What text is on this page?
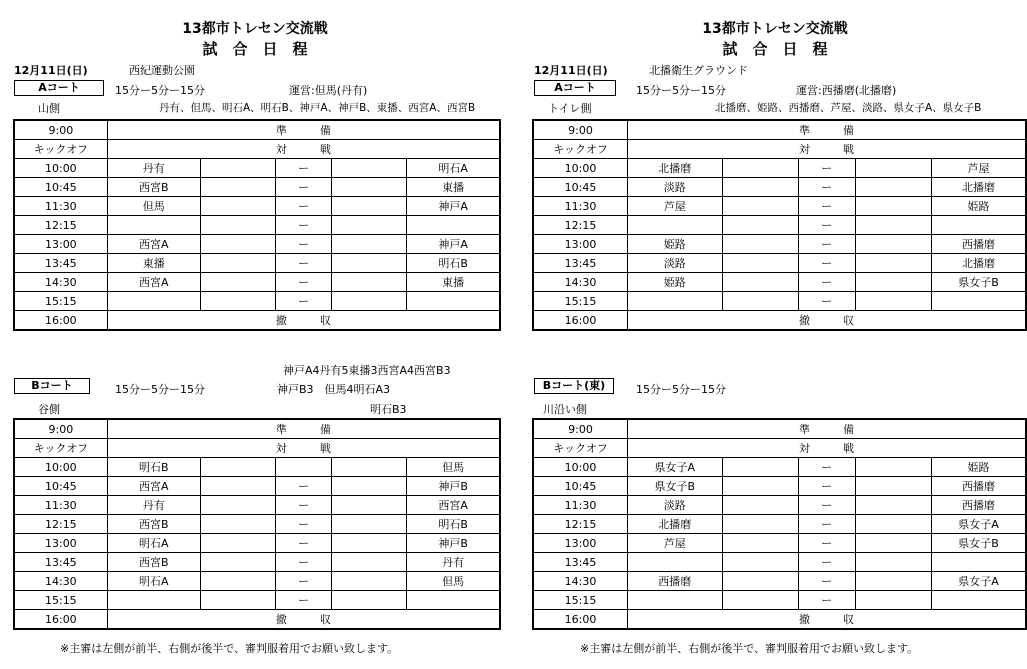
13都市トレセン交流戦
試　合　日　程
12月11日(日)	西紀運動公園
Aコート	15分ー5分ー15分	運営:但馬(丹有)
山側	丹有、但馬、明石A、明石B、神戸A、神戸B、東播、西宮A、西宮B
9:00	準　　　備				
キックオフ	対　　　戦				
10:00	丹有		ー		明石A
10:45	西宮B		ー		東播
11:30	但馬		ー		神戸A
12:15			ー		
13:00	西宮A		ー		神戸A
13:45	東播		ー		明石B
14:30	西宮A		ー		東播
15:15			ー		
16:00	撤　　　収				
神戸A4丹有5東播3西宮A4西宮B3
Bコート	15分ー5分ー15分	神戸B3　但馬4明石A3
谷側	明石B3
9:00	準　　　備				
キックオフ	対　　　戦				
10:00	明石B				但馬
10:45	西宮A		ー		神戸B
11:30	丹有		ー		西宮A
12:15	西宮B		ー		明石B
13:00	明石A		ー		神戸B
13:45	西宮B		ー		丹有
14:30	明石A		ー		但馬
15:15			ー		
16:00	撤　　　収				
※主審は左側が前半、右側が後半で、審判服着用でお願い致します。
13都市トレセン交流戦
試　合　日　程
12月11日(日)	北播衛生グラウンド
Aコート	15分ー5分ー15分	運営:西播磨(北播磨)
トイレ側	北播磨、姫路、西播磨、芦屋、淡路、県女子A、県女子B
9:00	準　　　備				
キックオフ	対　　　戦				
10:00	北播磨		ー		芦屋
10:45	淡路		ー		北播磨
11:30	芦屋		ー		姫路
12:15			ー		
13:00	姫路		ー		西播磨
13:45	淡路		ー		北播磨
14:30	姫路		ー		県女子B
15:15			ー		
16:00	撤　　　収				
Bコート(東)	15分ー5分ー15分
川沿い側
9:00	準　　　備				
キックオフ	対　　　戦				
10:00	県女子A		ー		姫路
10:45	県女子B		ー		西播磨
11:30	淡路		ー		西播磨
12:15	北播磨		ー		県女子A
13:00	芦屋		ー		県女子B
13:45			ー		
14:30	西播磨		ー		県女子A
15:15			ー		
16:00	撤　　　収				
※主審は左側が前半、右側が後半で、審判服着用でお願い致します。
